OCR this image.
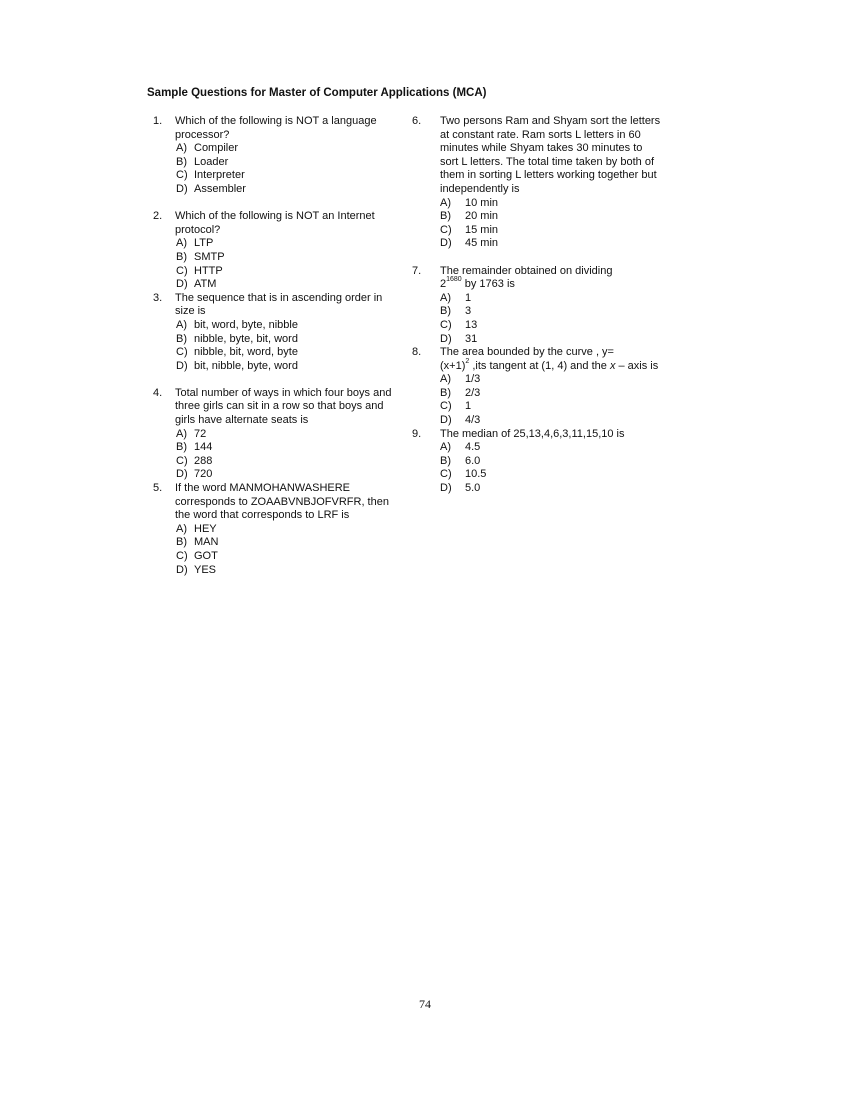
Sample Questions for Master of Computer Applications (MCA)
1.	Which of the following is NOT a language processor?
A) Compiler
B) Loader
C) Interpreter
D) Assembler
2.	Which of the following is NOT an Internet protocol?
A) LTP
B) SMTP
C) HTTP
D) ATM
3.	The sequence that is in ascending order in size is
A) bit, word, byte, nibble
B) nibble, byte, bit, word
C) nibble, bit, word, byte
D) bit, nibble, byte, word
4.	Total number of ways in which four boys and three girls can sit in a row so that boys and girls have alternate seats is
A) 72
B) 144
C) 288
D) 720
5.	If the word MANMOHANWASHERE corresponds to ZOAABVNBJOFVRFR, then the word that corresponds to LRF is
A) HEY
B) MAN
C) GOT
D) YES
6.	Two persons Ram and Shyam sort the letters at constant rate. Ram sorts L letters in 60 minutes while Shyam takes 30 minutes to sort L letters. The total time taken by both of them in sorting L letters working together but independently is
A)	10 min
B)	20 min
C)	15 min
D)	45 min
7.	The remainder obtained on dividing
$2^{1680}$ by 1763 is
A)	1
B)	3
C)	13
D)	31
8.	The area bounded by the curve , y=
$(x+1)^2$ ,its tangent at (1, 4) and the x – axis is
A)	1/3
B)	2/3
C)	1
D)	4/3
9.	The median of 25,13,4,6,3,11,15,10 is
A)	4.5
B)	6.0
C)	10.5
D)	5.0
74
